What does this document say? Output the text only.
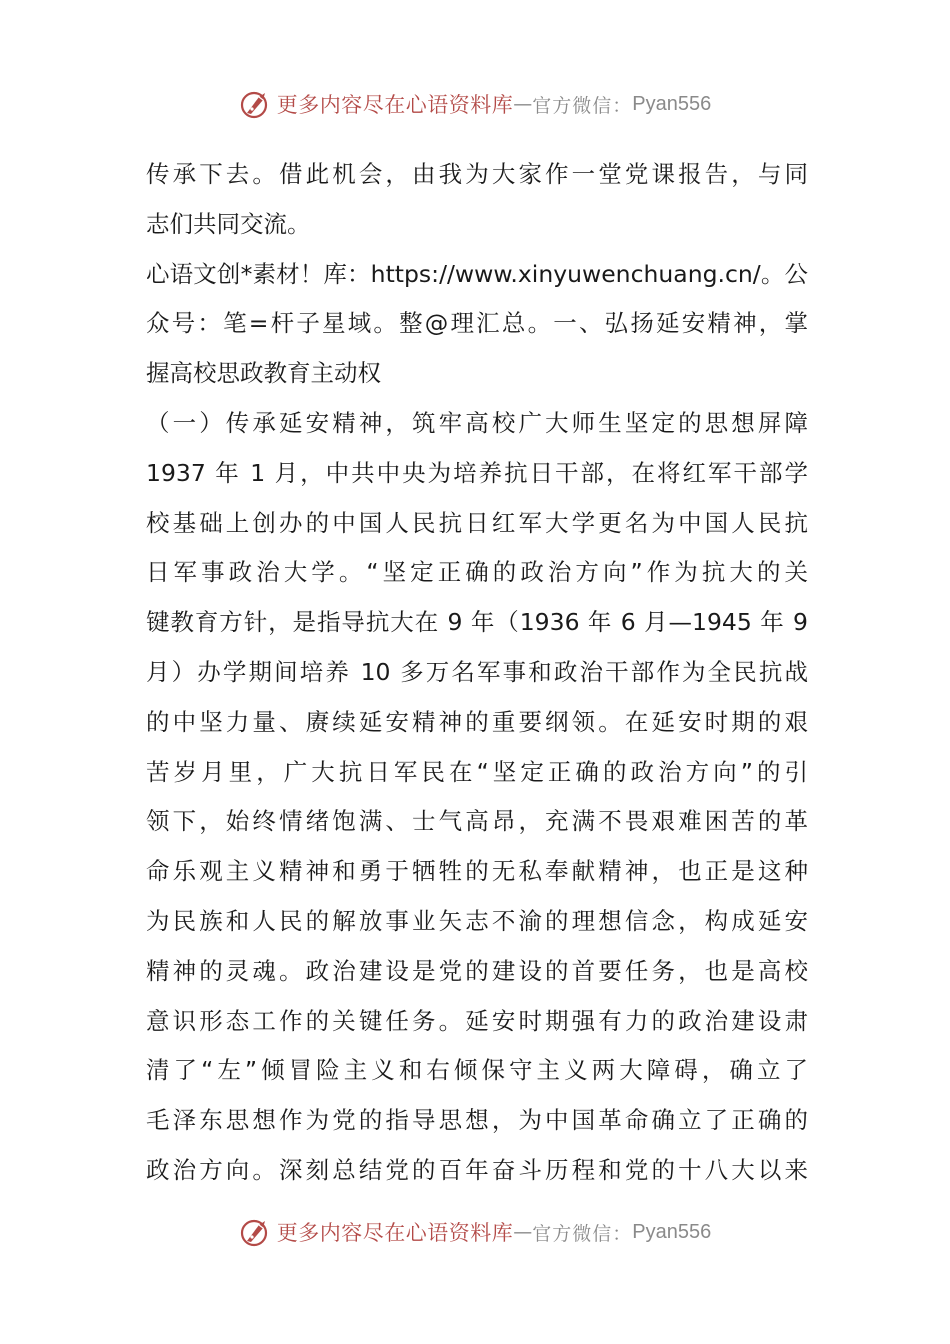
更多内容尽在心语资料库 — 官方微信： Pyan556
传承下去。借此机会，由我为大家作一堂党课报告，与同
志们共同交流。
心语文创*素材！库：https://www.xinyuwenchuang.cn/。公
众号：笔=杆子星域。整@理汇总。一、弘扬延安精神，掌
握高校思政教育主动权
（一）传承延安精神，筑牢高校广大师生坚定的思想屏障
1937 年 1 月，中共中央为培养抗日干部，在将红军干部学
校基础上创办的中国人民抗日红军大学更名为中国人民抗
日军事政治大学。“坚定正确的政治方向”作为抗大的关
键教育方针，是指导抗大在 9 年（1936 年 6 月—1945 年 9
月）办学期间培养 10 多万名军事和政治干部作为全民抗战
的中坚力量、赓续延安精神的重要纲领。在延安时期的艰
苦岁月里，广大抗日军民在“坚定正确的政治方向”的引
领下，始终情绪饱满、士气高昂，充满不畏艰难困苦的革
命乐观主义精神和勇于牺牲的无私奉献精神，也正是这种
为民族和人民的解放事业矢志不渝的理想信念，构成延安
精神的灵魂。政治建设是党的建设的首要任务，也是高校
意识形态工作的关键任务。延安时期强有力的政治建设肃
清了“左”倾冒险主义和右倾保守主义两大障碍，确立了
毛泽东思想作为党的指导思想，为中国革命确立了正确的
政治方向。深刻总结党的百年奋斗历程和党的十八大以来
更多内容尽在心语资料库 — 官方微信： Pyan556
